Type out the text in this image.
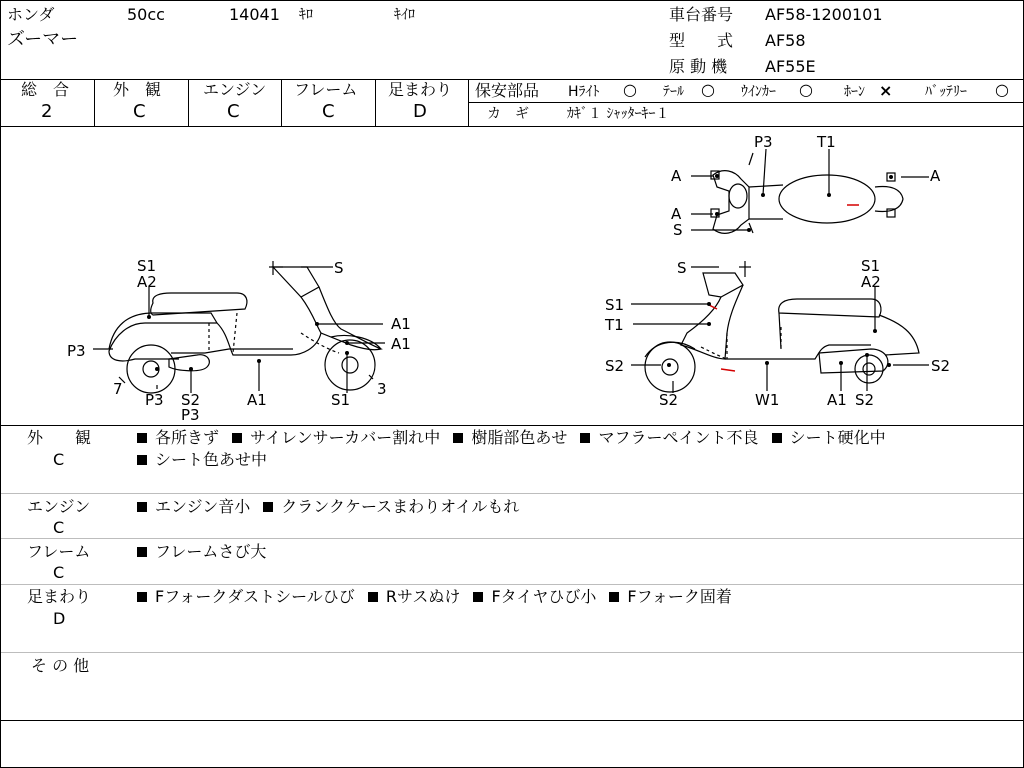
ホンダ	50cc	14041 ｷﾛ	ｷｲﾛ
ズーマー
車台番号 AF58-1200101
型　　式 AF58
原 動 機 AF55E
総　合
2
外　観
C
エンジン
C
フレーム
C
足まわり
D
保安部品 Hﾗｲﾄ ○ ﾃｰﾙ ○ ｳｲﾝｶｰ ○ ﾎｰﾝ × ﾊﾞｯﾃﾘｰ ○
カ　ギ	ｶｷﾞ１ ｼｬｯﾀｰｷｰ１
P3	T1
A	A
A
S
S1
A2
S
A1
A1
P3
7
P3 S2
P3
A1	S1
3
S	S1
A2
S1
T1
S2
S2	W1	A1 S2
S2
外　　観
C
各所きず サイレンサーカバー割れ中 樹脂部色あせ マフラーペイント不良 シート硬化中
シート色あせ中
エンジン
C
エンジン音小 クランクケースまわりオイルもれ
フレーム
C
フレームさび大
足まわり
D
Fフォークダストシールひび Rサスぬけ Fタイヤひび小 Fフォーク固着
そ の 他
